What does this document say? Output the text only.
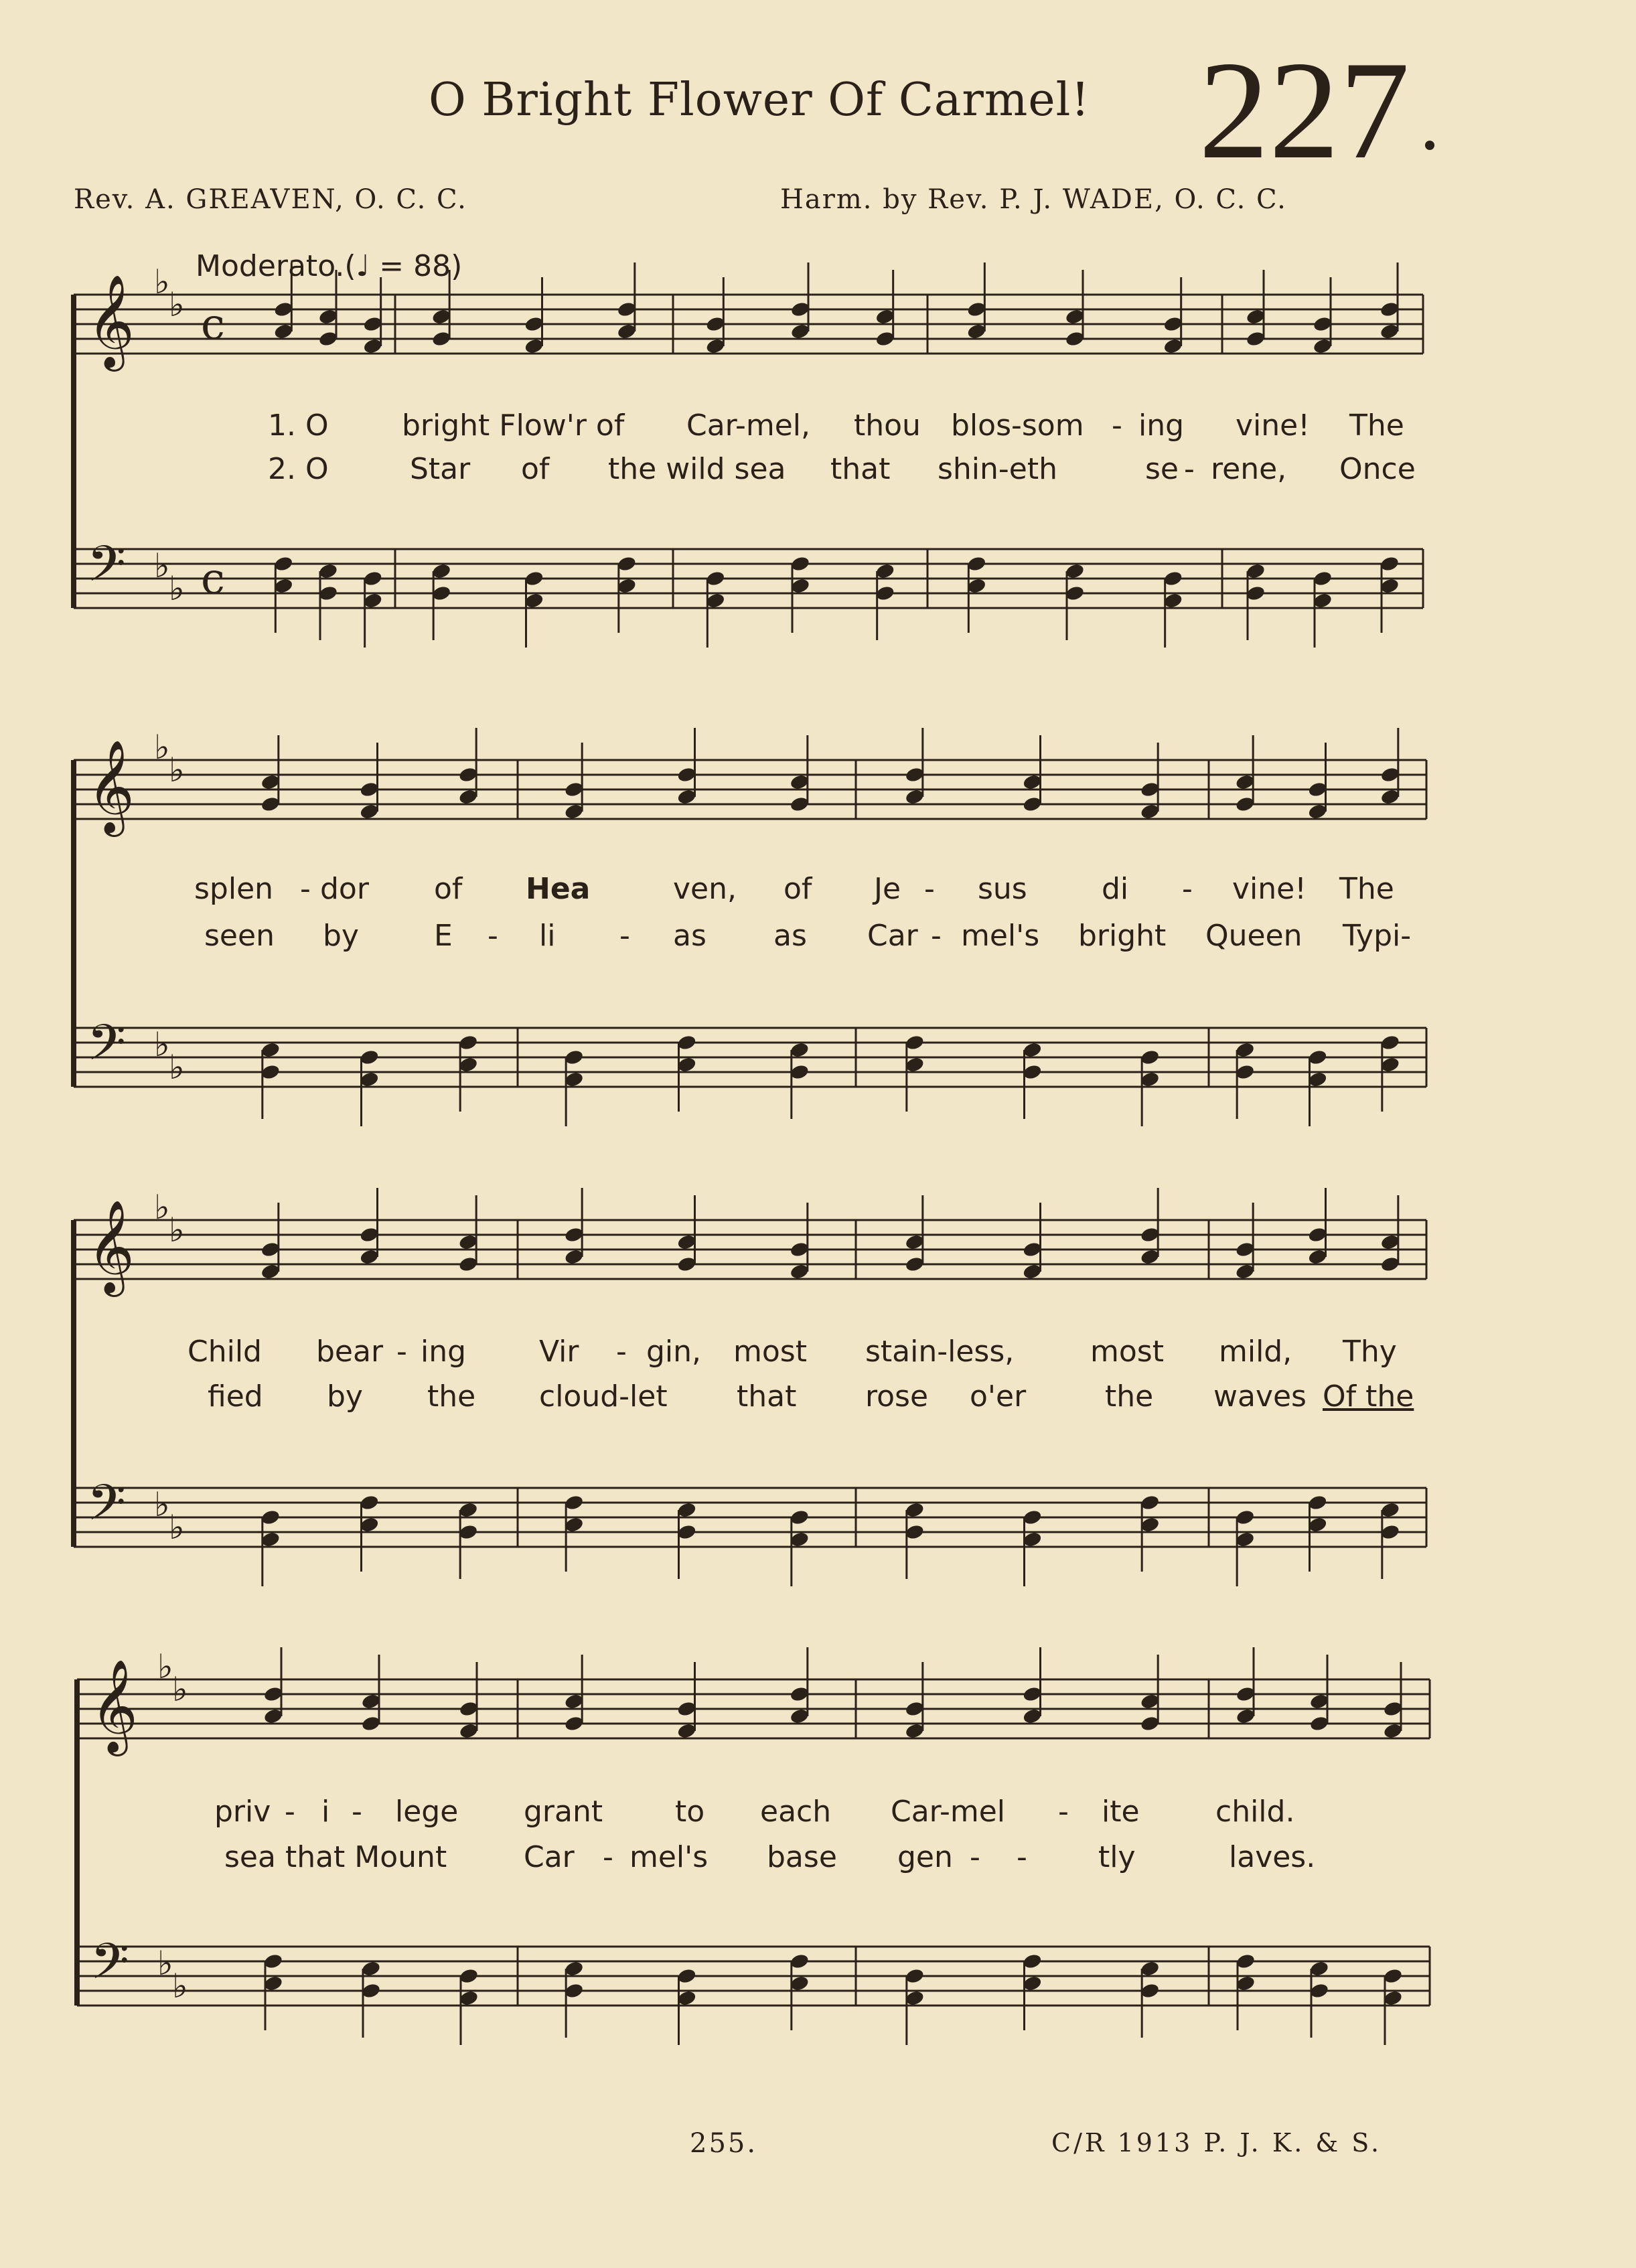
O Bright Flower Of Carmel! 227
Rev. A. GREAVEN, O. C. C.	Harm. by Rev. P. J. WADE, O. C. C.
Moderato.(♩ = 88)
𝄞 ♭
♭ c
𝄢 ♭
♭ c
𝄞 ♭
♭
𝄢 ♭
♭
𝄞 ♭
♭
𝄢 ♭
♭
𝄞 ♭
♭
𝄢 ♭
♭
1. O bright Flow'r of Car-mel, thou blos-som - ing vine! The
2. O	Star of the wild sea that shin-eth	se - rene, Once
splen - dor of Hea	ven, of Je - sus	di - vine! The
seen by	E - li - as as Car - mel's bright Queen Typi-
Child bear - ing Vir - gin, most stain-less,	most mild, Thy
fied by the cloud-let that rose o'er	the waves Of the
priv - i - lege grant to each Car-mel - ite	child.
sea that Mount	Car - mel's base gen - - tly	laves.
255.	C/R 1913 P. J. K. & S.
